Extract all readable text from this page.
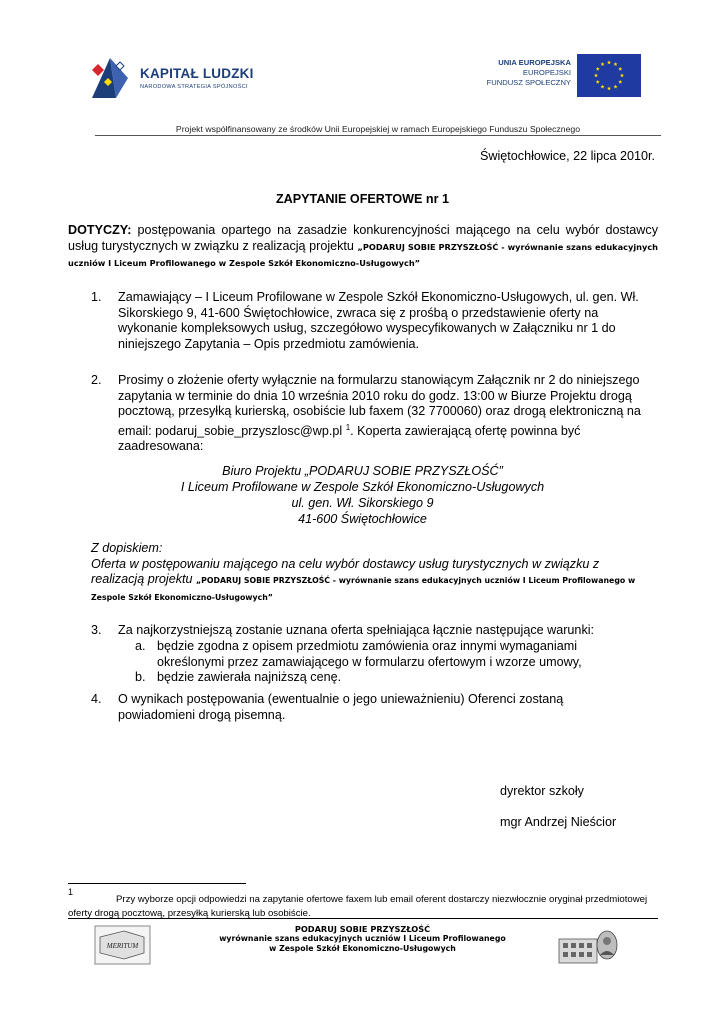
KAPITAŁ LUDZKI
NARODOWA STRATEGIA SPÓJNOŚCI
UNIA EUROPEJSKA
EUROPEJSKI
FUNDUSZ SPOŁECZNY
Projekt współfinansowany ze środków Unii Europejskiej w ramach Europejskiego Funduszu Społecznego
Świętochłowice, 22 lipca 2010r.
ZAPYTANIE OFERTOWE nr 1
DOTYCZY: postępowania opartego na zasadzie konkurencyjności mającego na celu wybór dostawcy usług turystycznych w związku z realizacją projektu „PODARUJ SOBIE PRZYSZŁOŚĆ - wyrównanie szans edukacyjnych uczniów I Liceum Profilowanego w Zespole Szkół Ekonomiczno-Usługowych”
1. Zamawiający – I Liceum Profilowane w Zespole Szkół Ekonomiczno-Usługowych, ul. gen. Wł. Sikorskiego 9, 41-600 Świętochłowice, zwraca się z prośbą o przedstawienie oferty na wykonanie kompleksowych usług, szczegółowo wyspecyfikowanych w Załączniku nr 1 do niniejszego Zapytania – Opis przedmiotu zamówienia.
2. Prosimy o złożenie oferty wyłącznie na formularzu stanowiącym Załącznik nr 2 do niniejszego zapytania w terminie do dnia 10 września 2010 roku do godz. 13:00 w Biurze Projektu drogą pocztową, przesyłką kurierską, osobiście lub faxem (32 7700060) oraz drogą elektroniczną na email: podaruj_sobie_przyszlosc@wp.pl $^1$. Koperta zawierającą ofertę powinna być zaadresowana:
Biuro Projektu „PODARUJ SOBIE PRZYSZŁOŚĆ”
I Liceum Profilowane w Zespole Szkół Ekonomiczno-Usługowych
ul. gen. Wł. Sikorskiego 9
41-600 Świętochłowice
Z dopiskiem:
Oferta w postępowaniu mającego na celu wybór dostawcy usług turystycznych w związku z realizacją projektu „PODARUJ SOBIE PRZYSZŁOŚĆ - wyrównanie szans edukacyjnych uczniów I Liceum Profilowanego w Zespole Szkół Ekonomiczno-Usługowych”
3. Za najkorzystniejszą zostanie uznana oferta spełniająca łącznie następujące warunki:
a. będzie zgodna z opisem przedmiotu zamówienia oraz innymi wymaganiami określonymi przez zamawiającego w formularzu ofertowym i wzorze umowy,
b. będzie zawierała najniższą cenę.
4. O wynikach postępowania (ewentualnie o jego unieważnieniu) Oferenci zostaną powiadomieni drogą pisemną.
dyrektor szkoły
mgr Andrzej Nieścior
1
Przy wyborze opcji odpowiedzi na zapytanie ofertowe faxem lub email oferent dostarczy niezwłocznie oryginał przedmiotowej oferty drogą pocztową, przesyłką kurierską lub osobiście.
MERITUM
PODARUJ SOBIE PRZYSZŁOŚĆ
wyrównanie szans edukacyjnych uczniów I Liceum Profilowanego
w Zespole Szkół Ekonomiczno-Usługowych
